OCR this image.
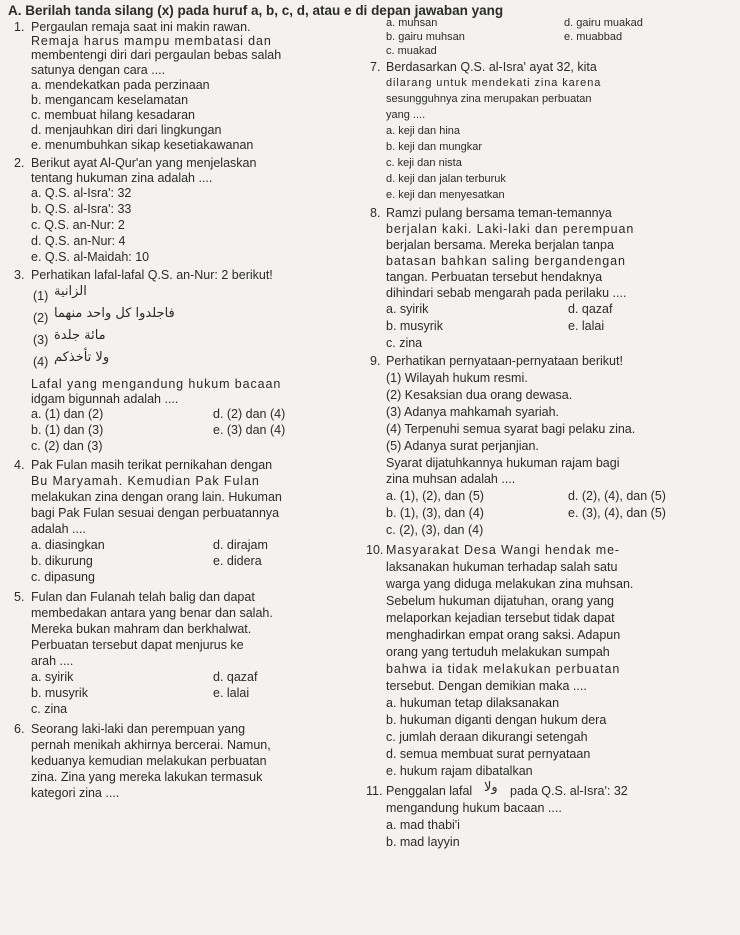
A. Berilah tanda silang (x) pada huruf a, b, c, d, atau e di depan jawaban yang
1. Pergaulan remaja saat ini makin rawan.
Remaja harus mampu membatasi dan
membentengi diri dari pergaulan bebas salah
satunya dengan cara ....
a. mendekatkan pada perzinaan
b. mengancam keselamatan
c. membuat hilang kesadaran
d. menjauhkan diri dari lingkungan
e. menumbuhkan sikap kesetiakawanan
2. Berikut ayat Al-Qur'an yang menjelaskan
tentang hukuman zina adalah ....
a. Q.S. al-Isra': 32
b. Q.S. al-Isra': 33
c. Q.S. an-Nur: 2
d. Q.S. an-Nur: 4
e. Q.S. al-Maidah: 10
3. Perhatikan lafal-lafal Q.S. an-Nur: 2 berikut!
(1) الزانية
(2) فاجلدوا كل واحد منهما
(3) مائة جلدة
(4) ولا تأخذكم
Lafal yang mengandung hukum bacaan
idgam bigunnah adalah ....
a. (1) dan (2)
b. (1) dan (3)
c. (2) dan (3)
d. (2) dan (4)
e. (3) dan (4)
4. Pak Fulan masih terikat pernikahan dengan
Bu Maryamah. Kemudian Pak Fulan
melakukan zina dengan orang lain. Hukuman
bagi Pak Fulan sesuai dengan perbuatannya
adalah ....
a. diasingkan
b. dikurung
c. dipasung
d. dirajam
e. didera
5. Fulan dan Fulanah telah balig dan dapat
membedakan antara yang benar dan salah.
Mereka bukan mahram dan berkhalwat.
Perbuatan tersebut dapat menjurus ke
arah ....
a. syirik
b. musyrik
c. zina
d. qazaf
e. lalai
6. Seorang laki-laki dan perempuan yang
pernah menikah akhirnya bercerai. Namun,
keduanya kemudian melakukan perbuatan
zina. Zina yang mereka lakukan termasuk
kategori zina ....
a. muhsan
b. gairu muhsan
c. muakad
d. gairu muakad
e. muabbad
7. Berdasarkan Q.S. al-Isra' ayat 32, kita
dilarang untuk mendekati zina karena
sesungguhnya zina merupakan perbuatan
yang ....
a. keji dan hina
b. keji dan mungkar
c. keji dan nista
d. keji dan jalan terburuk
e. keji dan menyesatkan
8. Ramzi pulang bersama teman-temannya
berjalan kaki. Laki-laki dan perempuan
berjalan bersama. Mereka berjalan tanpa
batasan bahkan saling bergandengan
tangan. Perbuatan tersebut hendaknya
dihindari sebab mengarah pada perilaku ....
a. syirik
b. musyrik
c. zina
d. qazaf
e. lalai
9. Perhatikan pernyataan-pernyataan berikut!
(1) Wilayah hukum resmi.
(2) Kesaksian dua orang dewasa.
(3) Adanya mahkamah syariah.
(4) Terpenuhi semua syarat bagi pelaku zina.
(5) Adanya surat perjanjian.
Syarat dijatuhkannya hukuman rajam bagi
zina muhsan adalah ....
a. (1), (2), dan (5)
b. (1), (3), dan (4)
c. (2), (3), dan (4)
d. (2), (4), dan (5)
e. (3), (4), dan (5)
10. Masyarakat Desa Wangi hendak me-
laksanakan hukuman terhadap salah satu
warga yang diduga melakukan zina muhsan.
Sebelum hukuman dijatuhan, orang yang
melaporkan kejadian tersebut tidak dapat
menghadirkan empat orang saksi. Adapun
orang yang tertuduh melakukan sumpah
bahwa ia tidak melakukan perbuatan
tersebut. Dengan demikian maka ....
a. hukuman tetap dilaksanakan
b. hukuman diganti dengan hukum dera
c. jumlah deraan dikurangi setengah
d. semua membuat surat pernyataan
e. hukum rajam dibatalkan
11. Penggalan lafal ولا pada Q.S. al-Isra': 32
mengandung hukum bacaan ....
a. mad thabi'i
b. mad layyin
